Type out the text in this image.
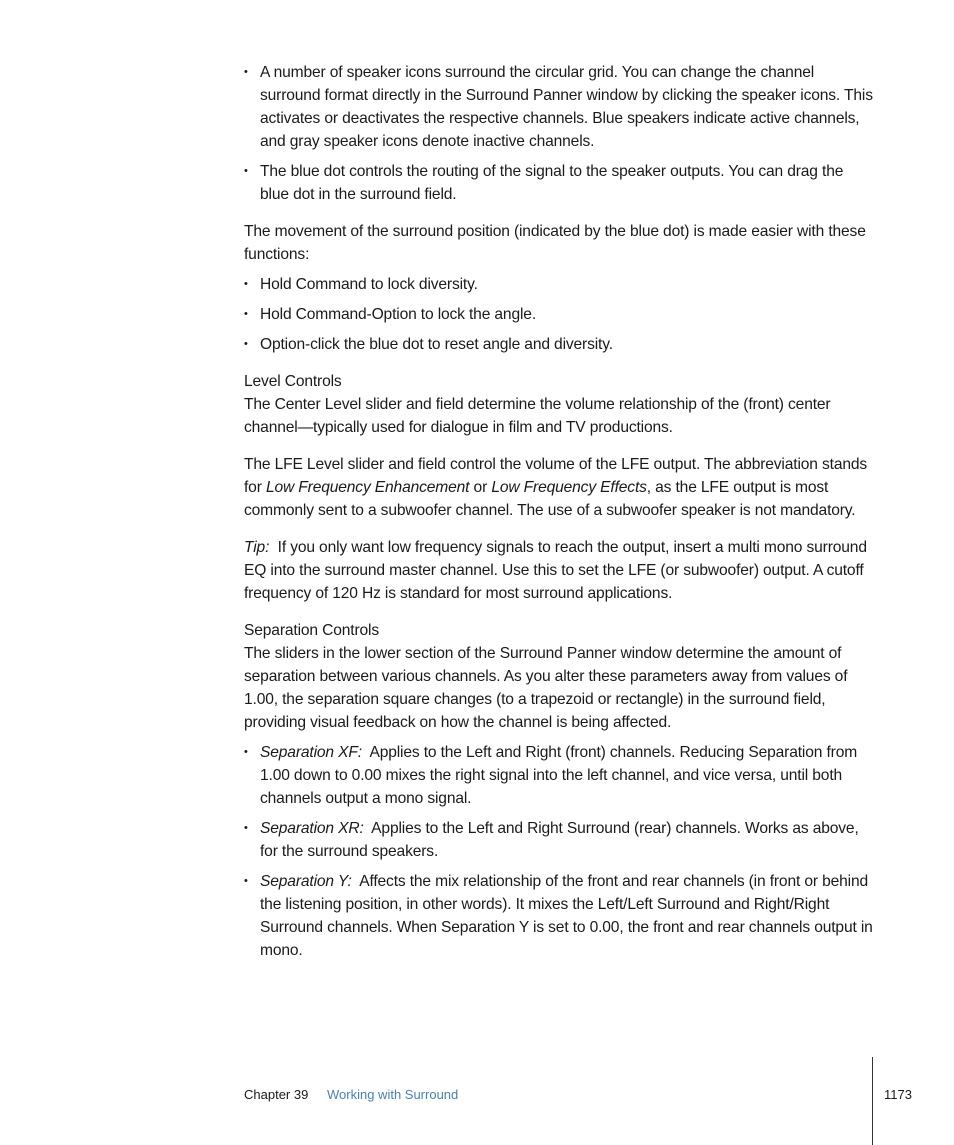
• A number of speaker icons surround the circular grid. You can change the channel surround format directly in the Surround Panner window by clicking the speaker icons. This activates or deactivates the respective channels. Blue speakers indicate active channels, and gray speaker icons denote inactive channels.
• The blue dot controls the routing of the signal to the speaker outputs. You can drag the blue dot in the surround field.

The movement of the surround position (indicated by the blue dot) is made easier with these functions:

• Hold Command to lock diversity.
• Hold Command-Option to lock the angle.
• Option-click the blue dot to reset angle and diversity.

Level Controls

The Center Level slider and field determine the volume relationship of the (front) center channel—typically used for dialogue in film and TV productions.

The LFE Level slider and field control the volume of the LFE output. The abbreviation stands for Low Frequency Enhancement or Low Frequency Effects, as the LFE output is most commonly sent to a subwoofer channel. The use of a subwoofer speaker is not mandatory.

Tip: If you only want low frequency signals to reach the output, insert a multi mono surround EQ into the surround master channel. Use this to set the LFE (or subwoofer) output. A cutoff frequency of 120 Hz is standard for most surround applications.

Separation Controls

The sliders in the lower section of the Surround Panner window determine the amount of separation between various channels. As you alter these parameters away from values of 1.00, the separation square changes (to a trapezoid or rectangle) in the surround field, providing visual feedback on how the channel is being affected.

• Separation XF: Applies to the Left and Right (front) channels. Reducing Separation from 1.00 down to 0.00 mixes the right signal into the left channel, and vice versa, until both channels output a mono signal.
• Separation XR: Applies to the Left and Right Surround (rear) channels. Works as above, for the surround speakers.
• Separation Y: Affects the mix relationship of the front and rear channels (in front or behind the listening position, in other words). It mixes the Left/Left Surround and Right/Right Surround channels. When Separation Y is set to 0.00, the front and rear channels output in mono.
Chapter 39 Working with Surround	1173
